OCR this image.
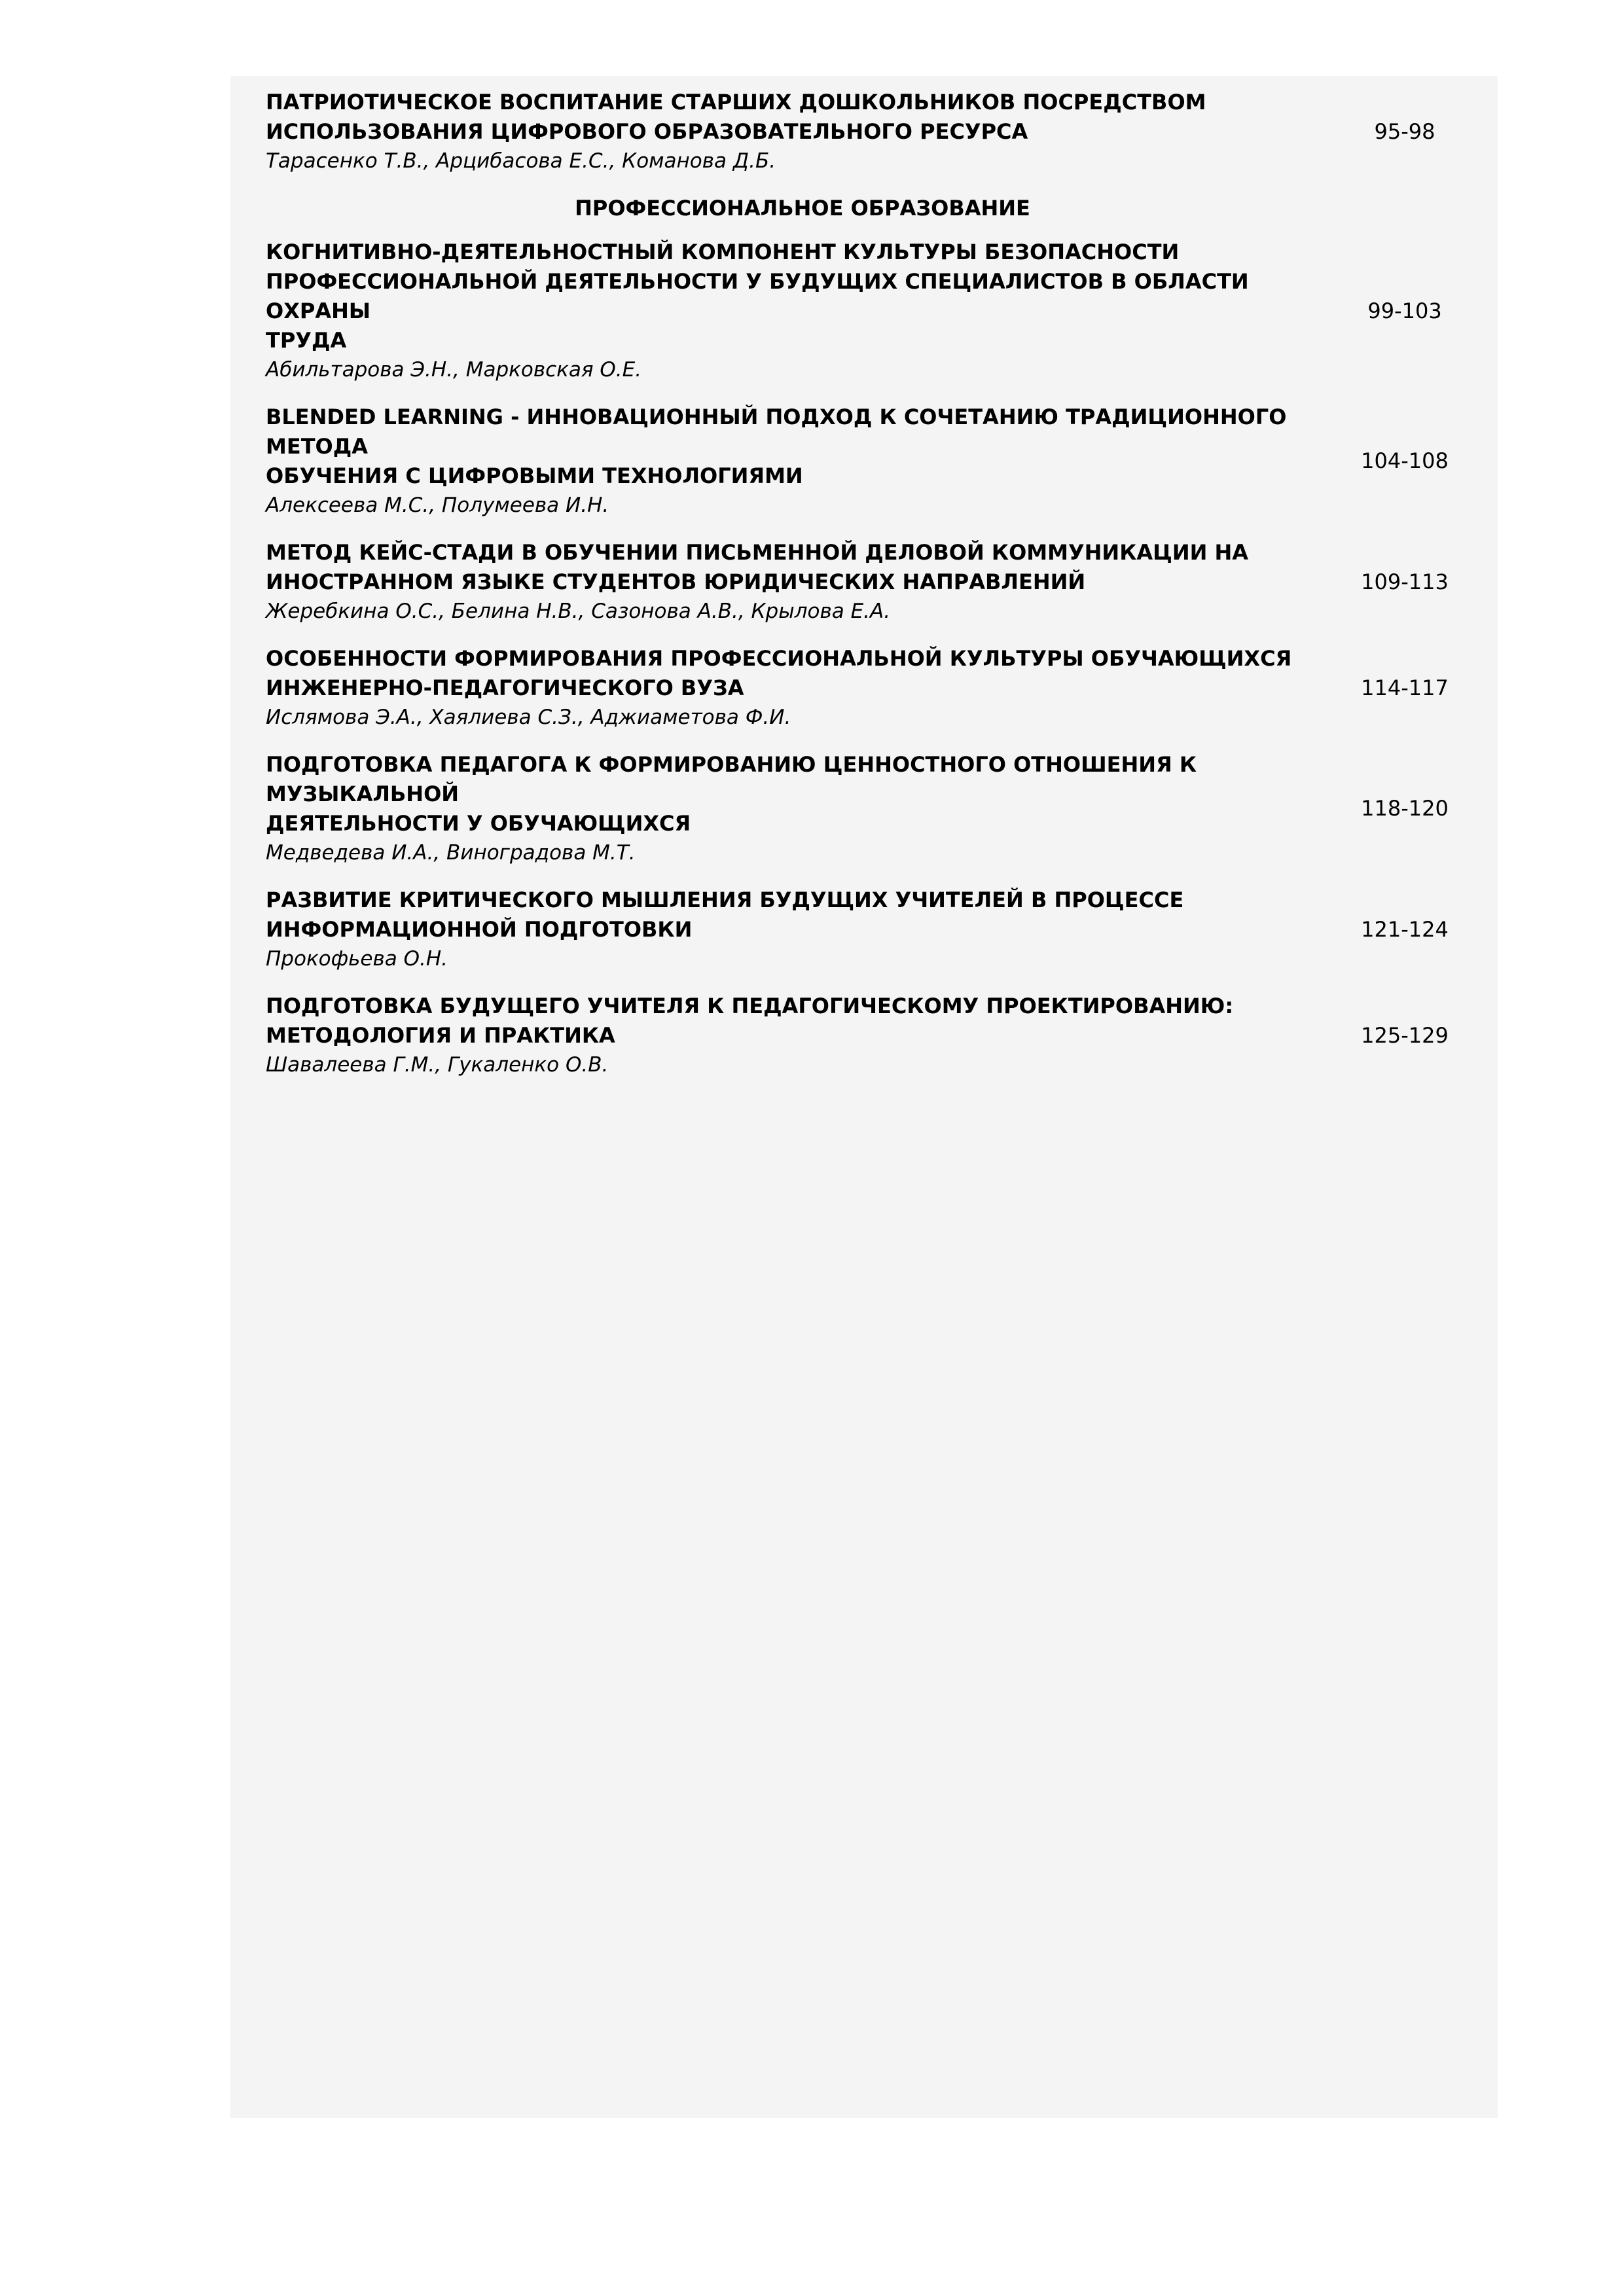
ПАТРИОТИЧЕСКОЕ ВОСПИТАНИЕ СТАРШИХ ДОШКОЛЬНИКОВ ПОСРЕДСТВОМ
ИСПОЛЬЗОВАНИЯ ЦИФРОВОГО ОБРАЗОВАТЕЛЬНОГО РЕСУРСА
Тарасенко Т.В., Арцибасова Е.С., Команова Д.Б.
95-98
ПРОФЕССИОНАЛЬНОЕ ОБРАЗОВАНИЕ
КОГНИТИВНО-ДЕЯТЕЛЬНОСТНЫЙ КОМПОНЕНТ КУЛЬТУРЫ БЕЗОПАСНОСТИ
ПРОФЕССИОНАЛЬНОЙ ДЕЯТЕЛЬНОСТИ У БУДУЩИХ СПЕЦИАЛИСТОВ В ОБЛАСТИ ОХРАНЫ
ТРУДА
Абильтарова Э.Н., Марковская О.Е.
99-103
BLENDED LEARNING - ИННОВАЦИОННЫЙ ПОДХОД К СОЧЕТАНИЮ ТРАДИЦИОННОГО МЕТОДА
ОБУЧЕНИЯ С ЦИФРОВЫМИ ТЕХНОЛОГИЯМИ
Алексеева М.С., Полумеева И.Н.
104-108
МЕТОД КЕЙС-СТАДИ В ОБУЧЕНИИ ПИСЬМЕННОЙ ДЕЛОВОЙ КОММУНИКАЦИИ НА
ИНОСТРАННОМ ЯЗЫКЕ СТУДЕНТОВ ЮРИДИЧЕСКИХ НАПРАВЛЕНИЙ
Жеребкина О.С., Белина Н.В., Сазонова А.В., Крылова Е.А.
109-113
ОСОБЕННОСТИ ФОРМИРОВАНИЯ ПРОФЕССИОНАЛЬНОЙ КУЛЬТУРЫ ОБУЧАЮЩИХСЯ
ИНЖЕНЕРНО-ПЕДАГОГИЧЕСКОГО ВУЗА
Ислямова Э.А., Хаялиева С.З., Аджиаметова Ф.И.
114-117
ПОДГОТОВКА ПЕДАГОГА К ФОРМИРОВАНИЮ ЦЕННОСТНОГО ОТНОШЕНИЯ К МУЗЫКАЛЬНОЙ
ДЕЯТЕЛЬНОСТИ У ОБУЧАЮЩИХСЯ
Медведева И.А., Виноградова М.Т.
118-120
РАЗВИТИЕ КРИТИЧЕСКОГО МЫШЛЕНИЯ БУДУЩИХ УЧИТЕЛЕЙ В ПРОЦЕССЕ
ИНФОРМАЦИОННОЙ ПОДГОТОВКИ
Прокофьева О.Н.
121-124
ПОДГОТОВКА БУДУЩЕГО УЧИТЕЛЯ К ПЕДАГОГИЧЕСКОМУ ПРОЕКТИРОВАНИЮ:
МЕТОДОЛОГИЯ И ПРАКТИКА
Шавалеева Г.М., Гукаленко О.В.
125-129
